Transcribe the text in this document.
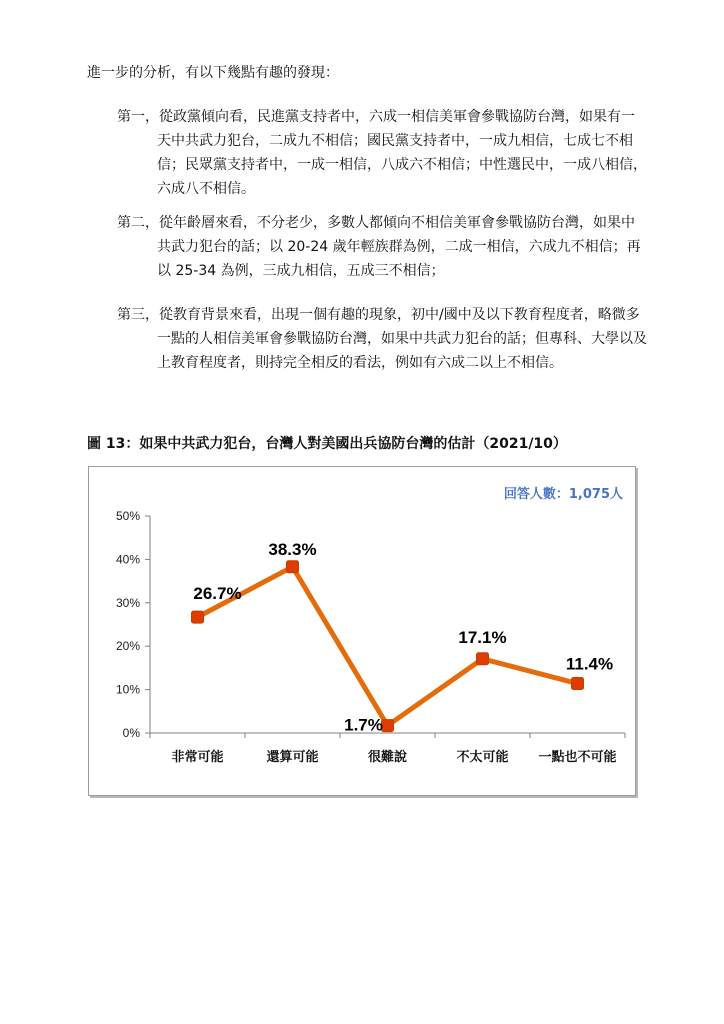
進一步的分析，有以下幾點有趣的發現：

第一，從政黨傾向看，民進黨支持者中，六成一相信美軍會參戰協防台灣，如果有一天中共武力犯台，二成九不相信；國民黨支持者中，一成九相信，七成七不相信；民眾黨支持者中，一成一相信，八成六不相信；中性選民中，一成八相信，六成八不相信。

第二，從年齡層來看，不分老少，多數人都傾向不相信美軍會參戰協防台灣，如果中共武力犯台的話；以 20-24 歲年輕族群為例，二成一相信，六成九不相信；再以 25-34 為例，三成九相信，五成三不相信；

第三，從教育背景來看，出現一個有趣的現象，初中/國中及以下教育程度者，略微多一點的人相信美軍會參戰協防台灣，如果中共武力犯台的話；但專科、大學以及上教育程度者，則持完全相反的看法，例如有六成二以上不相信。

圖 13：如果中共武力犯台，台灣人對美國出兵協防台灣的估計（2021/10）

回答人數：1,075人
0%
10%
20%
30%
40%
50%
非常可能	還算可能	很難說	不太可能 一點也不可能
26.7%
38.3%
1.7%
17.1%
11.4%
